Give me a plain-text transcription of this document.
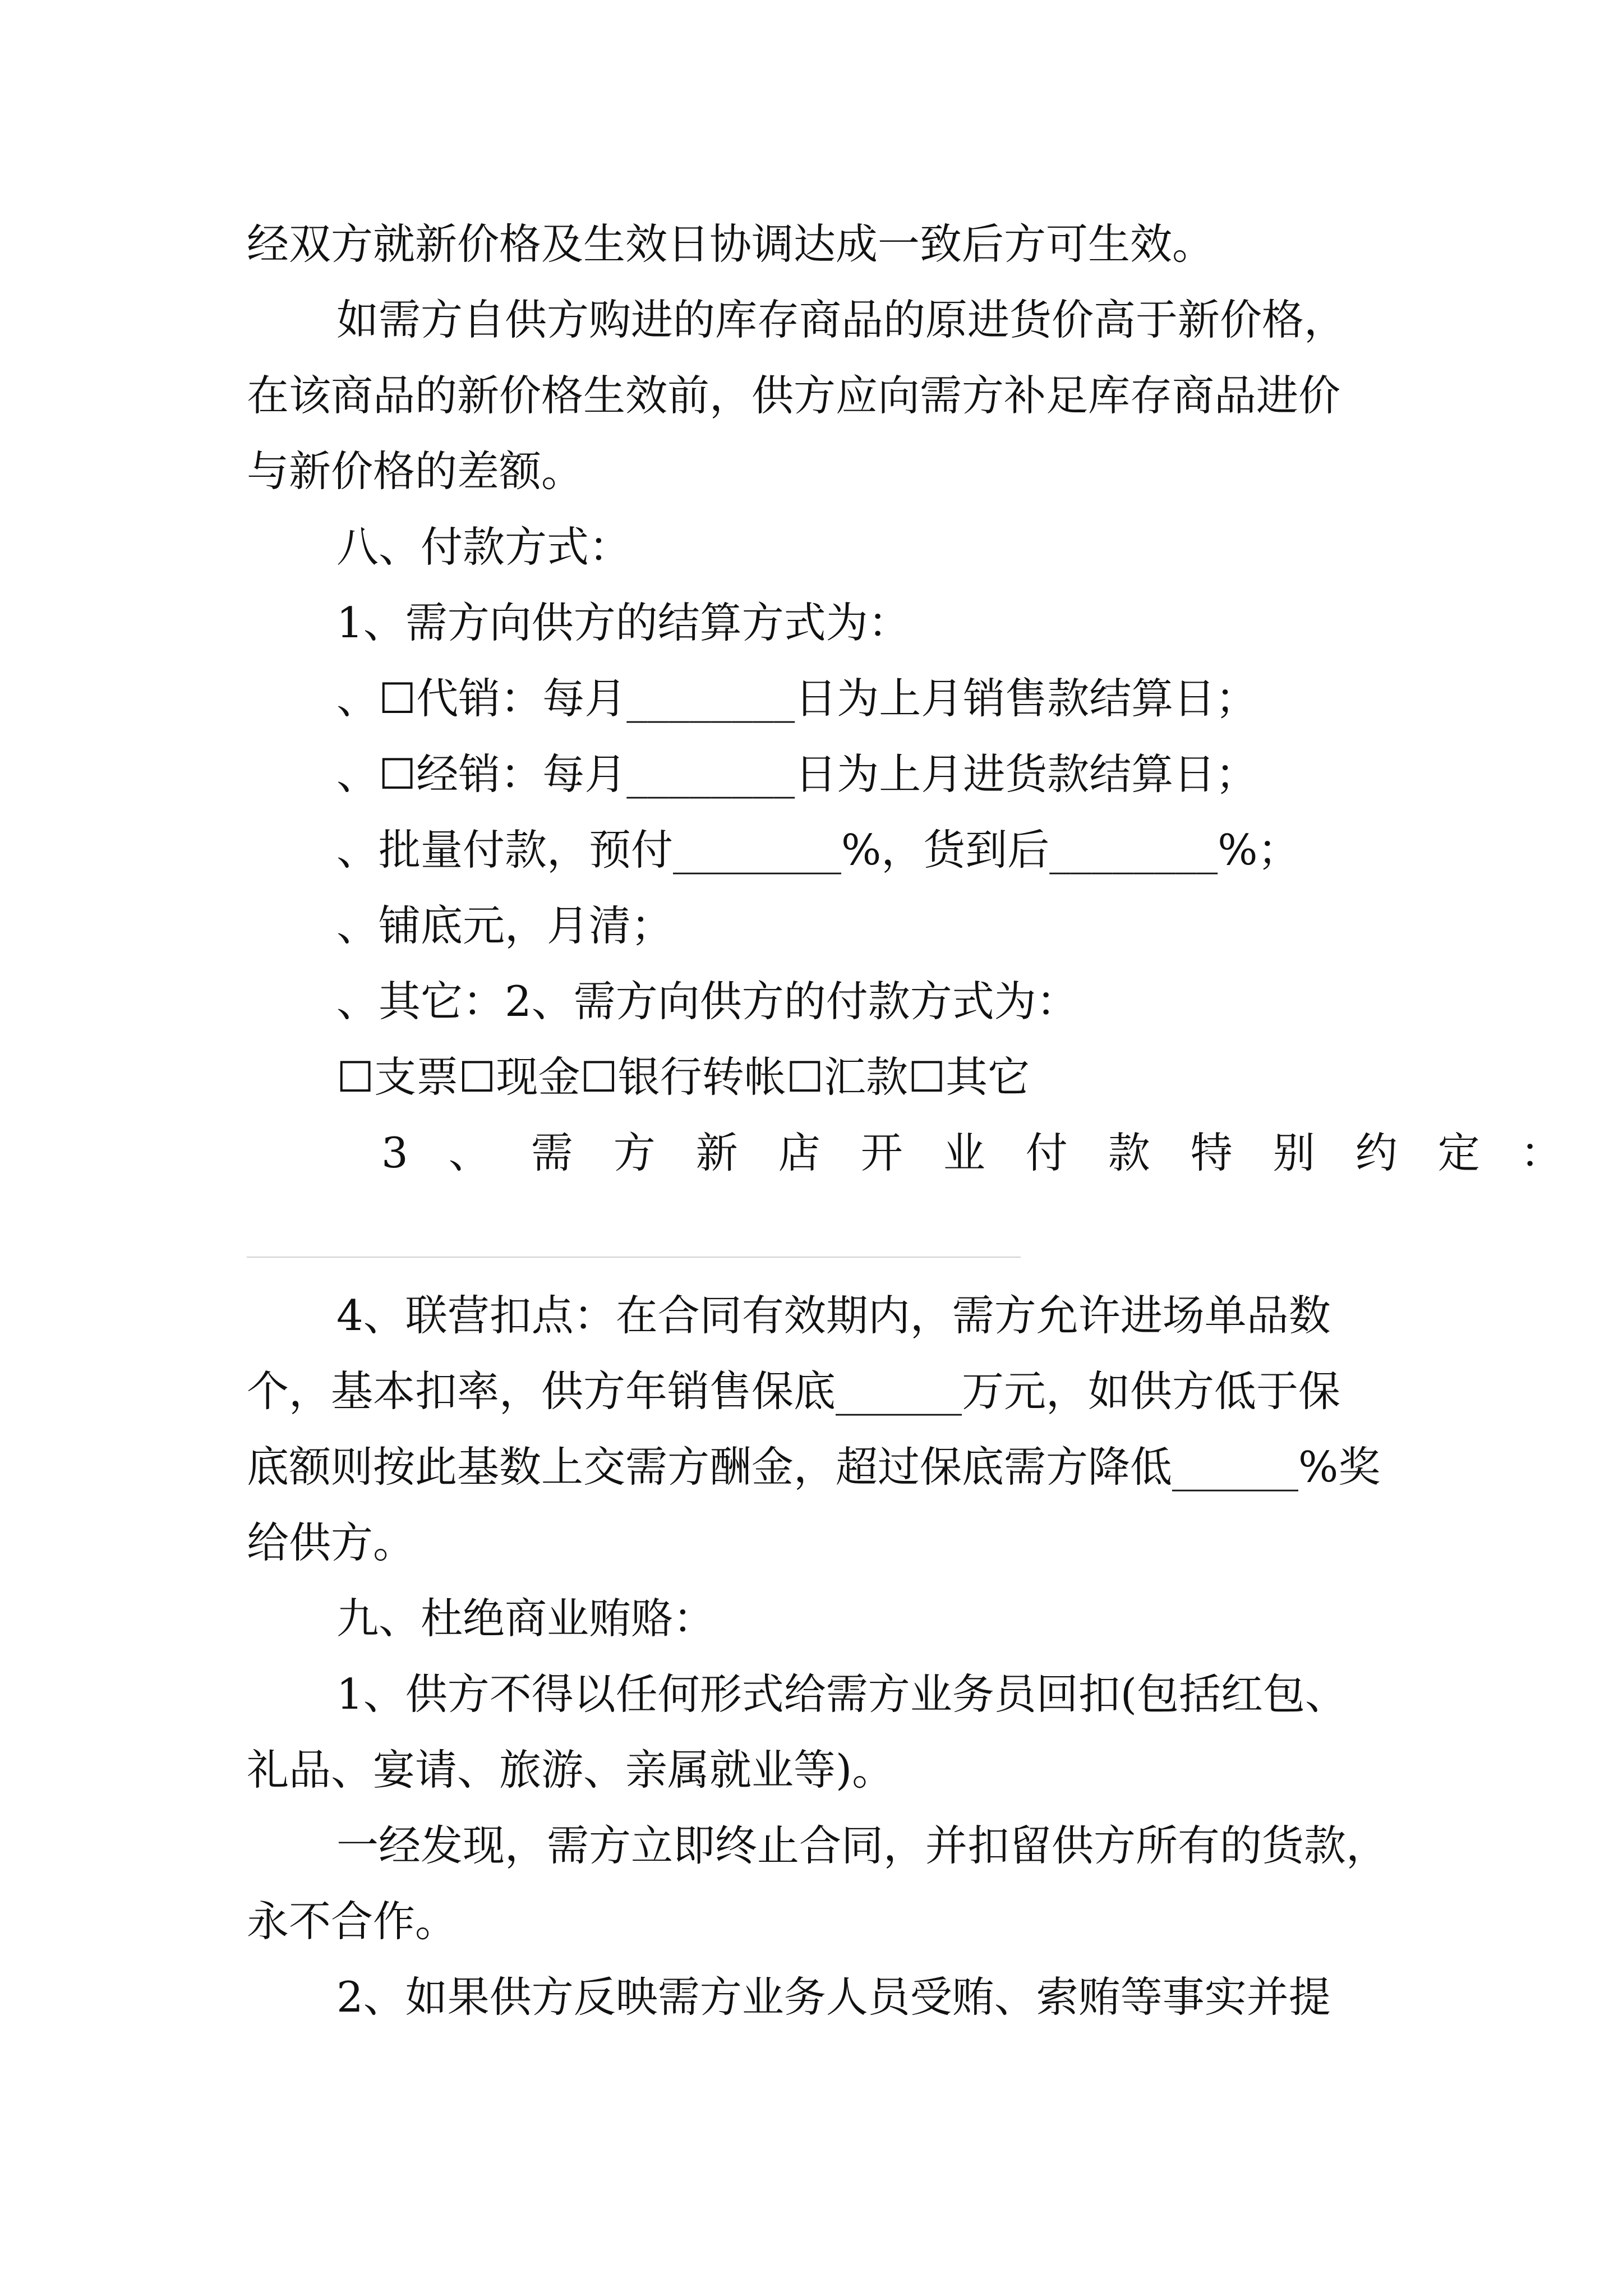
经双方就新价格及生效日协调达成一致后方可生效。
如需方自供方购进的库存商品的原进货价高于新价格，
在该商品的新价格生效前，供方应向需方补足库存商品进价
与新价格的差额。
八、付款方式：
1、需方向供方的结算方式为：
、☐代销：每月________日为上月销售款结算日；
、☐经销：每月________日为上月进货款结算日；
、批量付款，预付________%，货到后________%；
、铺底元，月清；
、其它：2、需方向供方的付款方式为：
☐支票☐现金☐银行转帐☐汇款☐其它
3、需方新店开业付款特别约定：
4、联营扣点：在合同有效期内，需方允许进场单品数
个，基本扣率，供方年销售保底______万元，如供方低于保
底额则按此基数上交需方酬金，超过保底需方降低______%奖
给供方。
九、杜绝商业贿赂：
1、供方不得以任何形式给需方业务员回扣(包括红包、
礼品、宴请、旅游、亲属就业等)。
一经发现，需方立即终止合同，并扣留供方所有的货款，
永不合作。
2、如果供方反映需方业务人员受贿、索贿等事实并提
